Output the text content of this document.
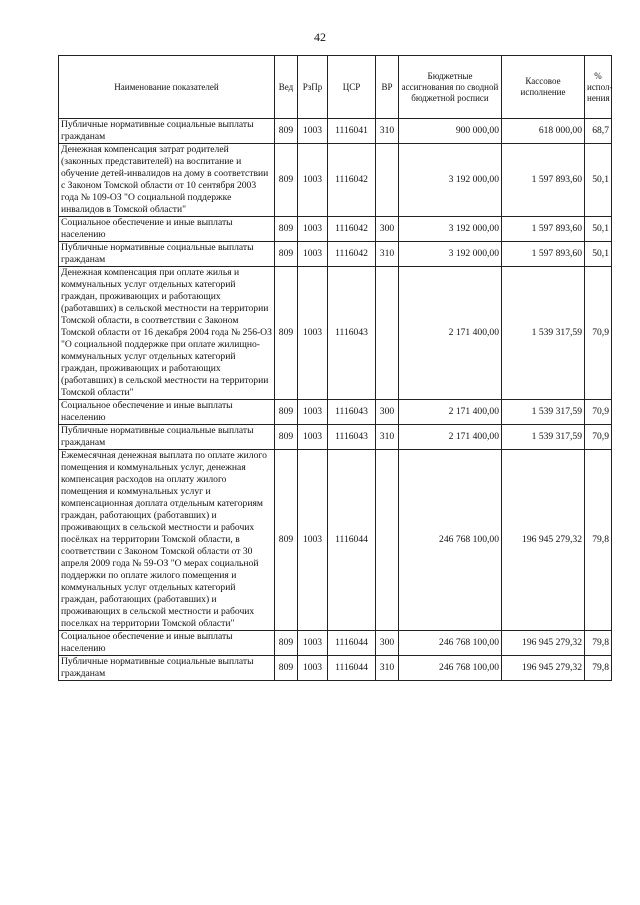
42
Наименование показателей	Вед	РзПр	ЦСР	ВР	Бюджетные ассигнования по сводной бюджетной росписи	Кассовое исполнение	% испол-нения
Публичные нормативные социальные выплаты гражданам	809	1003	1116041	310	900 000,00	618 000,00	68,7
Денежная компенсация затрат родителей (законных представителей) на воспитание и обучение детей-инвалидов на дому в соответствии с Законом Томской области от 10 сентября 2003 года № 109-ОЗ "О социальной поддержке инвалидов в Томской области"	809	1003	1116042		3 192 000,00	1 597 893,60	50,1
Социальное обеспечение и иные выплаты населению	809	1003	1116042	300	3 192 000,00	1 597 893,60	50,1
Публичные нормативные социальные выплаты гражданам	809	1003	1116042	310	3 192 000,00	1 597 893,60	50,1
Денежная компенсация при оплате жилья и коммунальных услуг отдельных категорий граждан, проживающих и работающих (работавших) в сельской местности на территории Томской области, в соответствии с Законом Томской области от 16 декабря 2004 года № 256-ОЗ "О социальной поддержке при оплате жилищно-коммунальных услуг отдельных категорий граждан, проживающих и работающих (работавших) в сельской местности на территории Томской области"	809	1003	1116043		2 171 400,00	1 539 317,59	70,9
Социальное обеспечение и иные выплаты населению	809	1003	1116043	300	2 171 400,00	1 539 317,59	70,9
Публичные нормативные социальные выплаты гражданам	809	1003	1116043	310	2 171 400,00	1 539 317,59	70,9
Ежемесячная денежная выплата по оплате жилого помещения и коммунальных услуг, денежная компенсация расходов на оплату жилого помещения и коммунальных услуг и компенсационная доплата отдельным категориям граждан, работающих (работавших) и проживающих в сельской местности и рабочих посёлках на территории Томской области, в соответствии с Законом Томской области от 30 апреля 2009 года № 59-ОЗ "О мерах социальной поддержки по оплате жилого помещения и коммунальных услуг отдельных категорий граждан, работающих (работавших) и проживающих в сельской местности и рабочих поселках на территории Томской области"	809	1003	1116044		246 768 100,00	196 945 279,32	79,8
Социальное обеспечение и иные выплаты населению	809	1003	1116044	300	246 768 100,00	196 945 279,32	79,8
Публичные нормативные социальные выплаты гражданам	809	1003	1116044	310	246 768 100,00	196 945 279,32	79,8
